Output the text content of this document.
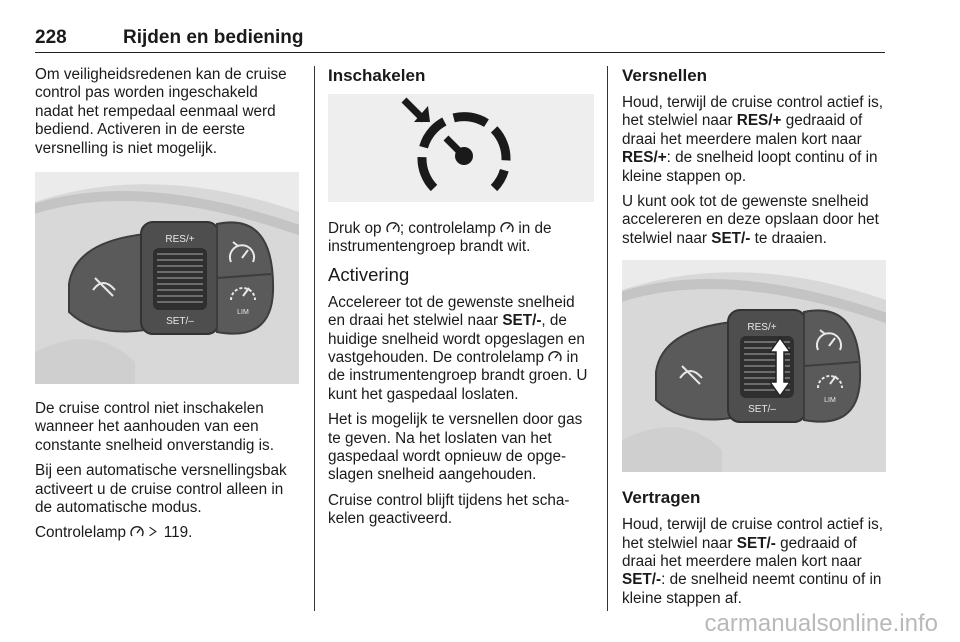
228	Rijden en bediening

Om veiligheidsredenen kan de cruise control pas worden ingeschakeld nadat het rempedaal eenmaal werd bediend. Activeren in de eerste versnelling is niet mogelijk.

RES/+
SET/–
LIM

De cruise control niet inschakelen wanneer het aanhouden van een constante snelheid onverstandig is.

Bij een automatische versnellingsbak activeert u de cruise control alleen in de automatische modus.

Controlelamp 119.

Inschakelen

Druk op ; controlelamp in de instrumentengroep brandt wit.

Activering

Accelereer tot de gewenste snelheid en draai het stelwiel naar SET/-, de huidige snelheid wordt opgeslagen en vastgehouden. De controlelamp in de instrumentengroep brandt groen. U kunt het gaspedaal loslaten.

Het is mogelijk te versnellen door gas te geven. Na het loslaten van het gaspedaal wordt opnieuw de opge-slagen snelheid aangehouden.

Cruise control blijft tijdens het scha-kelen geactiveerd.

Versnellen

Houd, terwijl de cruise control actief is, het stelwiel naar RES/+ gedraaid of draai het meerdere malen kort naar RES/+: de snelheid loopt continu of in kleine stappen op.

U kunt ook tot de gewenste snelheid accelereren en deze opslaan door het stelwiel naar SET/- te draaien.

RES/+
SET/–
LIM
Vertragen

Houd, terwijl de cruise control actief is, het stelwiel naar SET/- gedraaid of draai het meerdere malen kort naar SET/-: de snelheid neemt continu of in kleine stappen af.

carmanualsonline.info
